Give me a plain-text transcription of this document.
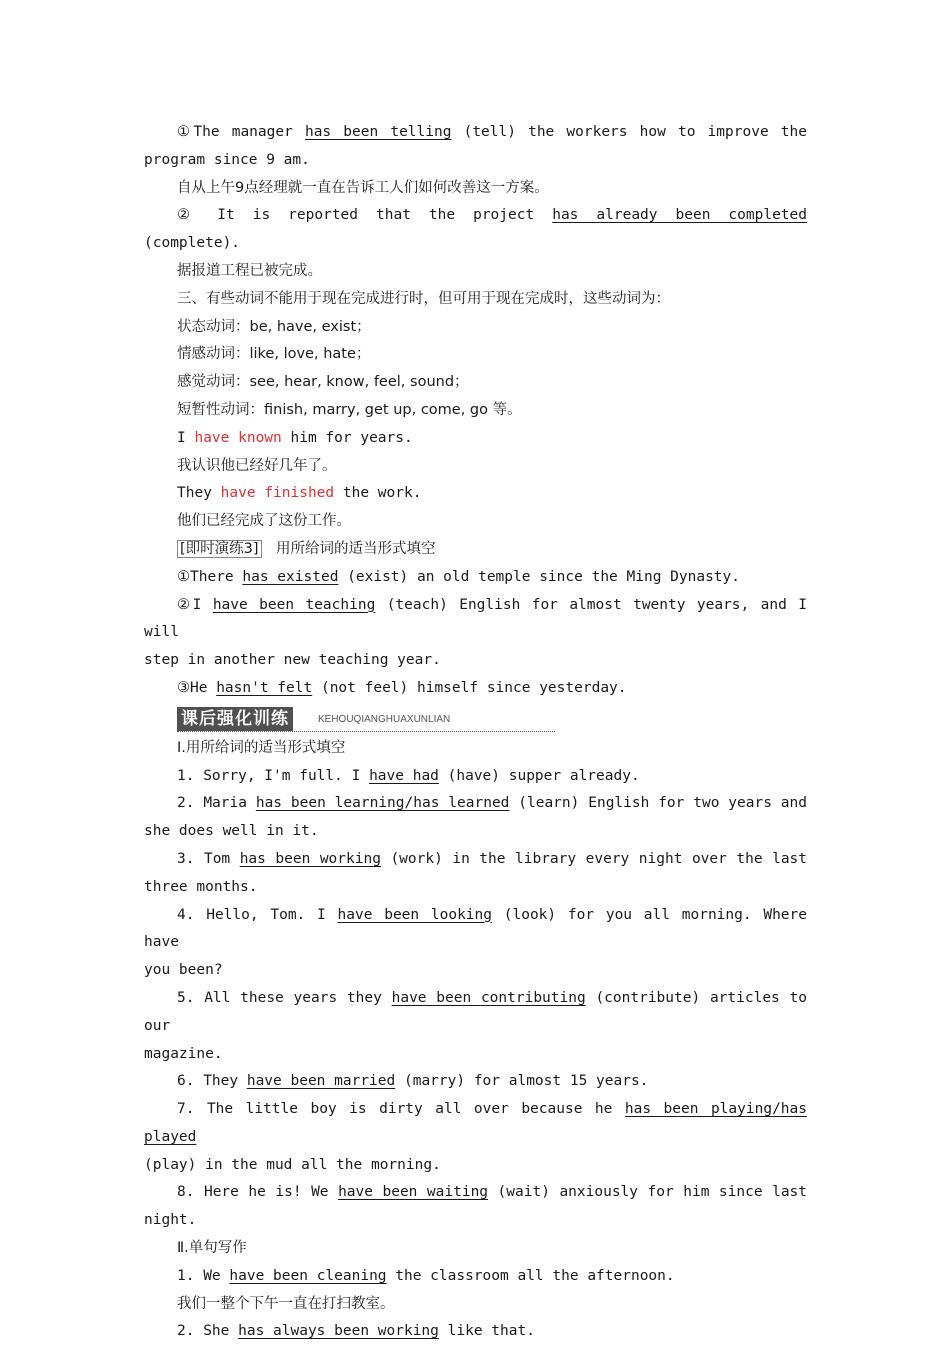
①The manager has been telling (tell) the workers how to improve the

program since 9 am.

自从上午9点经理就一直在告诉工人们如何改善这一方案。

② It is reported that the project has already been completed (complete).

据报道工程已被完成。

三、有些动词不能用于现在完成进行时，但可用于现在完成时，这些动词为：

状态动词：be, have, exist；

情感动词：like, love, hate；

感觉动词：see, hear, know, feel, sound；

短暂性动词：finish, marry, get up, come, go 等。

I have known him for years.

我认识他已经好几年了。

They have finished the work.

他们已经完成了这份工作。

[即时演练3]　用所给词的适当形式填空

①There has existed (exist) an old temple since the Ming Dynasty.

②I have been teaching (teach) English for almost twenty years, and I will

step in another new teaching year.

③He hasn't felt (not feel) himself since yesterday.

课后强化训练	KEHOUQIANGHUAXUNLIAN

Ⅰ.用所给词的适当形式填空

1. Sorry, I'm full. I have had (have) supper already.

2. Maria has been learning/has learned (learn) English for two years and

she does well in it.

3. Tom has been working (work) in the library every night over the last

three months.

4. Hello, Tom. I have been looking (look) for you all morning. Where have

you been?

5. All these years they have been contributing (contribute) articles to our

magazine.

6. They have been married (marry) for almost 15 years.

7. The little boy is dirty all over because he has been playing/has played

(play) in the mud all the morning.

8. Here he is! We have been waiting (wait) anxiously for him since last

night.

Ⅱ.单句写作

1. We have been cleaning the classroom all the afternoon.

我们一整个下午一直在打扫教室。

2. She has always been working like that.
